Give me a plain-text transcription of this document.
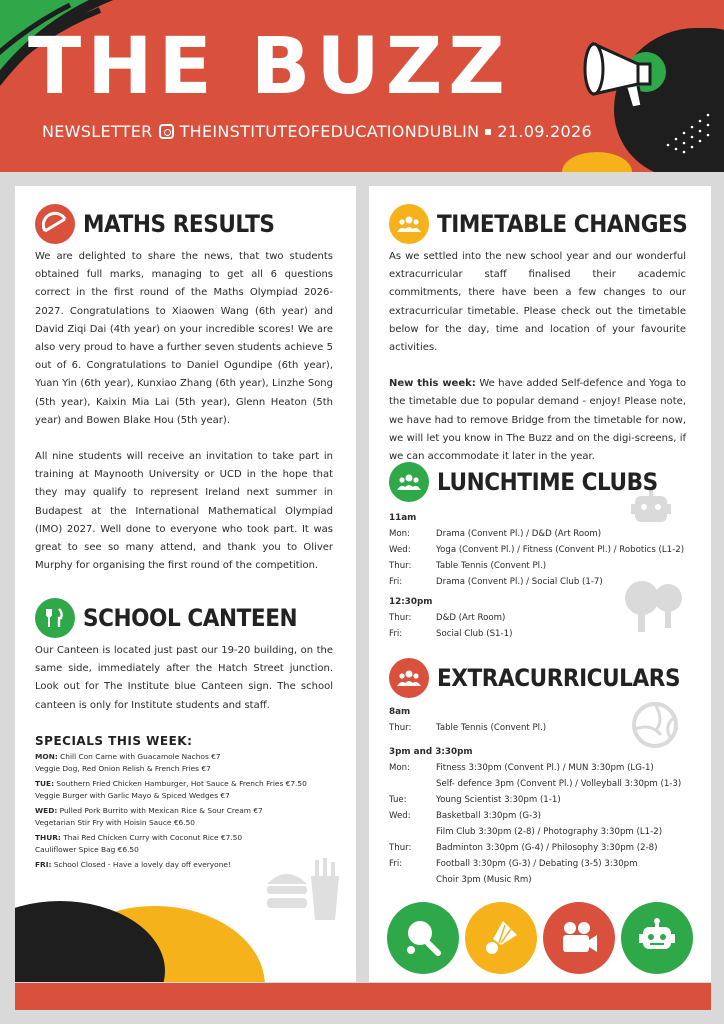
THE BUZZ
NEWSLETTER THEINSTITUTEOFEDUCATIONDUBLIN 21.09.2026
MATHS RESULTS

We are delighted to share the news, that two students obtained full marks, managing to get all 6 questions correct in the first round of the Maths Olympiad 2026-2027. Congratulations to Xiaowen Wang (6th year) and David Ziqi Dai (4th year) on your incredible scores! We are also very proud to have a further seven students achieve 5 out of 6. Congratulations to Daniel Ogundipe (6th year), Yuan Yin (6th year), Kunxiao Zhang (6th year), Linzhe Song (5th year), Kaixin Mia Lai (5th year), Glenn Heaton (5th year) and Bowen Blake Hou (5th year).

All nine students will receive an invitation to take part in training at Maynooth University or UCD in the hope that they may qualify to represent Ireland next summer in Budapest at the International Mathematical Olympiad (IMO) 2027. Well done to everyone who took part. It was great to see so many attend, and thank you to Oliver Murphy for organising the first round of the competition.

SCHOOL CANTEEN
Our Canteen is located just past our 19-20 building, on the same side, immediately after the Hatch Street junction. Look out for The Institute blue Canteen sign. The school canteen is only for Institute students and staff.
SPECIALS THIS WEEK:
MON: Chill Con Carne with Guacamole Nachos €7
Veggie Dog, Red Onion Relish & French Fries €7
TUE: Southern Fried Chicken Hamburger, Hot Sauce & French Fries €7.50
Veggie Burger with Garlic Mayo & Spiced Wedges €7
WED: Pulled Pork Burrito with Mexican Rice & Sour Cream €7
Vegetarian Stir Fry with Hoisin Sauce €6.50
THUR: Thai Red Chicken Curry with Coconut Rice €7.50
Cauliflower Spice Bag €6.50
FRI: School Closed - Have a lovely day off everyone!
TIMETABLE CHANGES

As we settled into the new school year and our wonderful extracurricular staff finalised their academic commitments, there have been a few changes to our extracurricular timetable. Please check out the timetable below for the day, time and location of your favourite activities.

New this week: We have added Self-defence and Yoga to the timetable due to popular demand - enjoy! Please note, we have had to remove Bridge from the timetable for now, we will let you know in The Buzz and on the digi-screens, if we can accommodate it later in the year.

LUNCHTIME CLUBS
11am
Mon:	Drama (Convent Pl.) / D&D (Art Room)
Wed:	Yoga (Convent Pl.) / Fitness (Convent Pl.) / Robotics (L1-2)
Thur:	Table Tennis (Convent Pl.)
Fri:	Drama (Convent Pl.) / Social Club (1-7)
12:30pm
Thur:	D&D (Art Room)
Fri:	Social Club (S1-1)
EXTRACURRICULARS
8am
Thur:	Table Tennis (Convent Pl.)
3pm and 3:30pm
Mon:	Fitness 3:30pm (Convent Pl.) / MUN 3:30pm (LG-1)
Self- defence 3pm (Convent Pl.) / Volleyball 3:30pm (1-3)
Tue:	Young Scientist 3:30pm (1-1)
Wed:	Basketball 3:30pm (G-3)
Film Club 3:30pm (2-8) / Photography 3:30pm (L1-2)
Thur:	Badminton 3:30pm (G-4) / Philosophy 3:30pm (2-8)
Fri:	Football 3:30pm (G-3) / Debating (3-5) 3:30pm
Choir 3pm (Music Rm)
